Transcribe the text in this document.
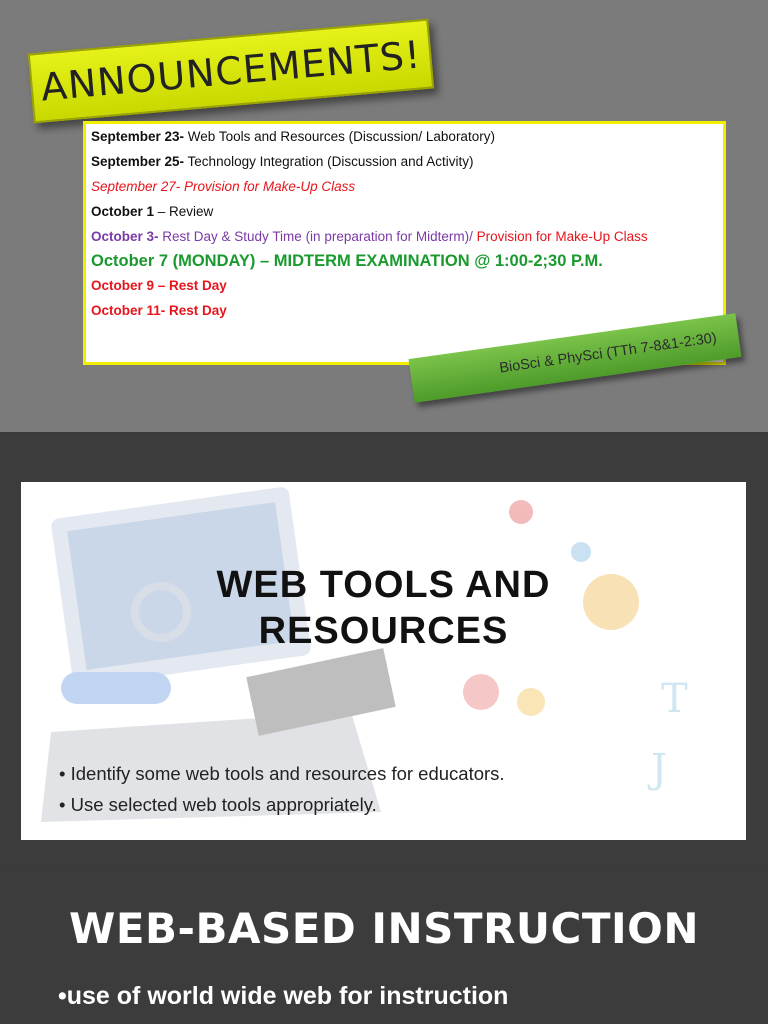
ANNOUNCEMENTS!
September 23- Web Tools and Resources (Discussion/ Laboratory)
September 25- Technology Integration (Discussion and Activity)
September 27- Provision for Make-Up Class
October 1 – Review
October 3- Rest Day & Study Time (in preparation for Midterm)/ Provision for Make-Up Class
October 7 (MONDAY) – MIDTERM EXAMINATION @ 1:00-2;30 P.M.
October 9 – Rest Day
October 11- Rest Day
BioSci & PhySci (TTh 7-8&1-2:30)
T
J
WEB TOOLS AND
RESOURCES
• Identify some web tools and resources for educators.
• Use selected web tools appropriately.
WEB-BASED INSTRUCTION
•use of world wide web for instruction
